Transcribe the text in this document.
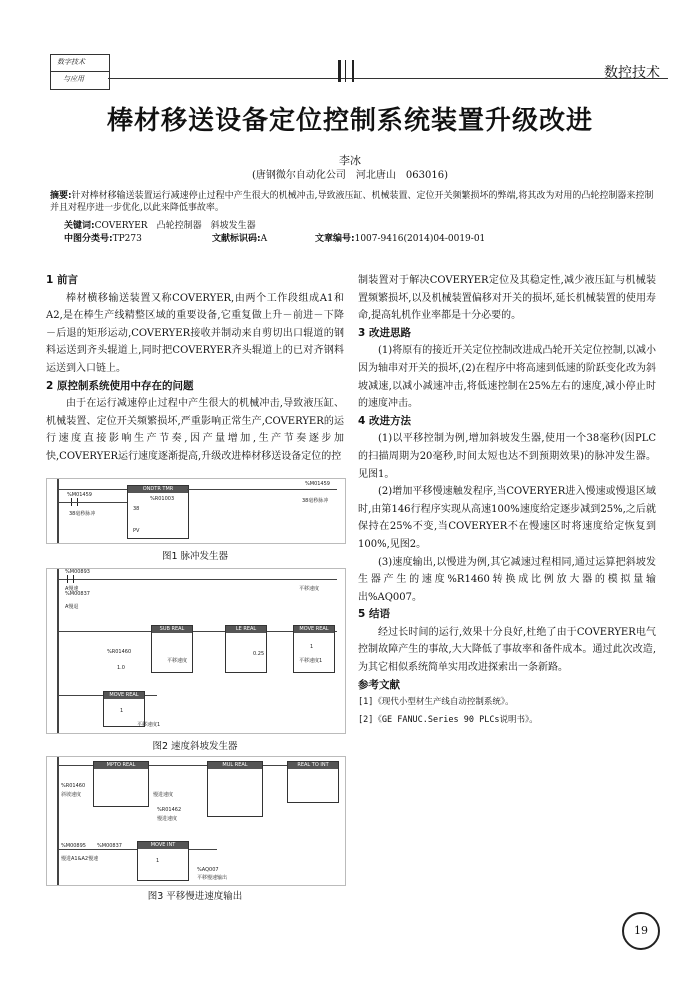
数字技术
与应用	数控技术
棒材移送设备定位控制系统装置升级改进
李冰
(唐钢微尔自动化公司　河北唐山　063016)
摘要:针对棒材移输送装置运行减速停止过程中产生很大的机械冲击,导致液压缸、机械装置、定位开关频繁损坏的弊端,将其改为对用的凸轮控制器来控制并且对程序进一步优化,以此来降低事故率。
关键词:COVERYER　凸轮控制器　斜坡发生器
中图分类号:TP273	文献标识码:A	文章编号:1007-9416(2014)04-0019-01
1 前言

棒材横移输送装置又称COVERYER,由两个工作段组成A1和A2,是在棒生产线精整区域的重要设备,它重复做上升－前进－下降－后退的矩形运动,COVERYER接收并制动来自剪切出口辊道的钢料运送到齐头辊道上,同时把COVERYER齐头辊道上的已对齐钢料运送到入口链上。

2 原控制系统使用中存在的问题

由于在运行减速停止过程中产生很大的机械冲击,导致液压缸、机械装置、定位开关频繁损坏,严重影响正常生产,COVERYER的运行速度直接影响生产节奏,因产量增加,生产节奏逐步加快,COVERYER运行速度逐渐提高,升级改进棒材移送设备定位的控

%M01459
38毫秒脉冲
ONDTR TMR
38
PV
%R01003
%M01459
38毫秒脉冲
图1 脉冲发生器
%M00893
A慢速
%M00837
A慢退
平移速度
SUB REAL	LE REAL	MOVE REAL
1
%R01460
平移速度
0.25
1.0
平移速度1
MOVE REAL
1
平移速度1
图2 速度斜坡发生器
MPTO REAL	MUL REAL	REAL TO INT
%R01460
斜坡速度	慢进速度
%R01462
慢进速度
MOVE INT
1
%AQ007
平移慢速输出
%M00895 %M00837
慢进A1&A2慢速
图3 平移慢进速度输出
制装置对于解决COVERYER定位及其稳定性,减少液压缸与机械装置频繁损坏,以及机械装置偏移对开关的损坏,延长机械装置的使用寿命,提高轧机作业率都是十分必要的。
3 改进思路

(1)将原有的接近开关定位控制改进成凸轮开关定位控制,以减小因为轴串对开关的损坏,(2)在程序中将高速到低速的阶跃变化改为斜坡减速,以减小减速冲击,将低速控制在25%左右的速度,减小停止时的速度冲击。

4 改进方法

(1)以平移控制为例,增加斜坡发生器,使用一个38毫秒(因PLC的扫描周期为20毫秒,时间太短也达不到预期效果)的脉冲发生器。见图1。

(2)增加平移慢速触发程序,当COVERYER进入慢速或慢退区域时,由第146行程序实现从高速100%速度给定逐步减到25%,之后就保持在25%不变,当COVERYER不在慢速区时将速度给定恢复到100%,见图2。

(3)速度输出,以慢进为例,其它减速过程相同,通过运算把斜坡发生器产生的速度%R1460转换成比例放大器的模拟量输出%AQ007。

5 结语

经过长时间的运行,效果十分良好,杜绝了由于COVERYER电气控制故障产生的事故,大大降低了事故率和备件成本。通过此次改造,为其它相似系统简单实用改进探索出一条新路。

参考文献
[1]《现代小型材生产线自动控制系统》。
[2]《GE FANUC.Series 90 PLCs说明书》。
19
